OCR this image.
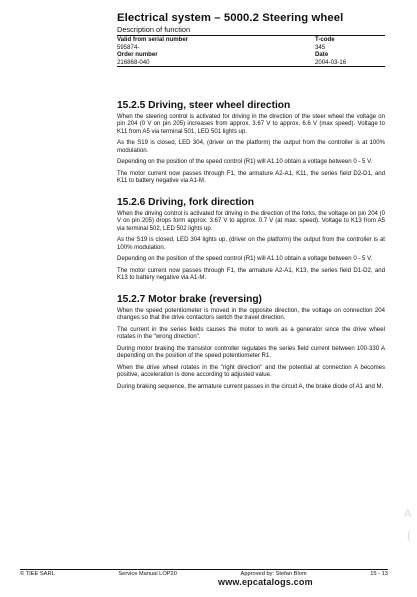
Electrical system – 5000.2 Steering wheel
Description of function
Valid from serial number	T-code
595874-	345
Order number	Date
216868-040	2004-03-16
15.2.5 Driving, steer wheel direction

When the steering control is activated for driving in the direction of the steer wheel the voltage on pin 204 (0 V on pin 205) increases from approx. 3.67 V to approx. 6.6 V (max speed). Voltage to K11 from A5 via terminal 501, LED 501 lights up.

As the S19 is closed, LED 304, (driver on the platform) the output from the controller is at 100% modulation.

Depending on the position of the speed control (R1) will A1.10 obtain a voltage between 0 - 5 V.

The motor current now passes through F1, the armature A2-A1, K11, the series field D2-D1, and K11 to battery negative via A1-M.

15.2.6 Driving, fork direction

When the driving control is activated for driving in the direction of the forks, the voltage on pin 204 (0 V on pin 205) drops form approx. 3.67 V to approx. 0.7 V (at max. speed). Voltage to K13 from A5 via terminal 502, LED 502 lights up.

As the S19 is closed, LED 304 lights up, (driver on the platform) the output from the controller is at 100% modulation.

Depending on the position of the speed control (R1) will A1.10 obtain a voltage between 0 - 5 V.

The motor current now passes through F1, the armature A2-A1, K13, the series field D1-D2, and K13 to battery negative via A1-M.

15.2.7 Motor brake (reversing)

When the speed potentiometer is moved in the opposite direction, the voltage on connection 204 changes so that the drive contactors switch the travel direction.

The current in the series fields causes the motor to work as a generator since the drive wheel rotates in the "wrong direction".

During motor braking the transistor controller regulates the series field current between 100-330 A depending on the position of the speed potentiometer R1.

When the drive wheel rotates in the "right direction" and the potential at connection A becomes positive, acceleration is done according to adjusted value.

During braking sequence, the armature current passes in the circuit A, the brake diode of A1 and M.

A
(
© TIEE SARL	Service Manual LOP20	Approved by: Stefan Blom	15 - 13
www.epcatalogs.com
